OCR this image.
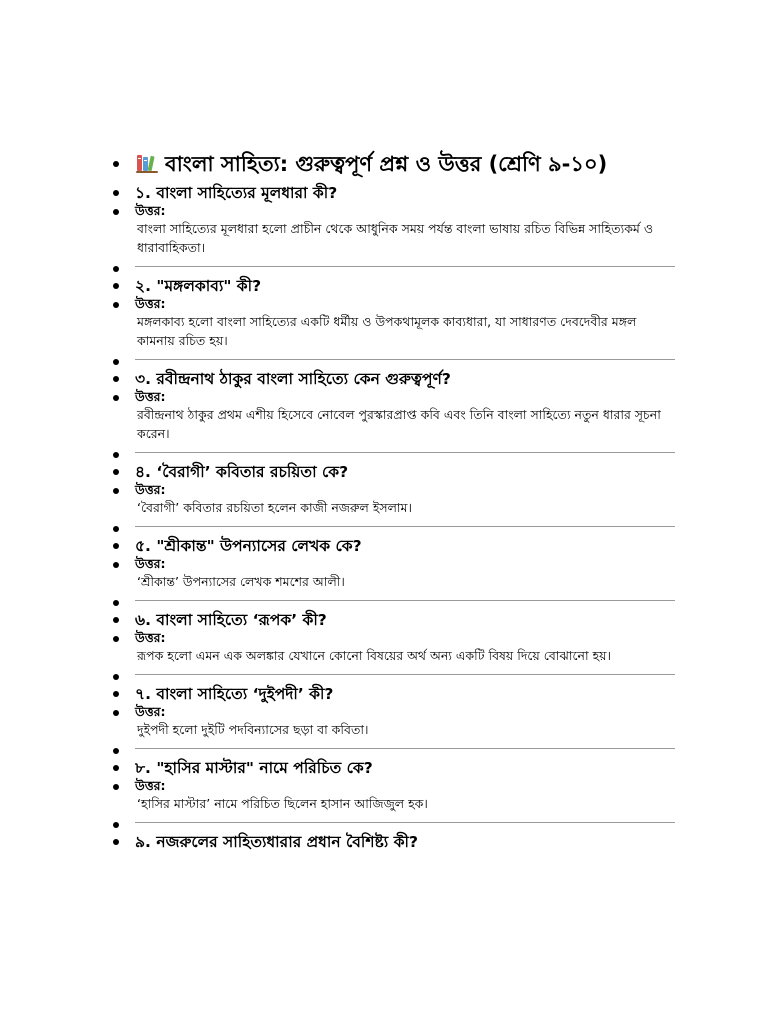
বাংলা সাহিত্য: গুরুত্বপূর্ণ প্রশ্ন ও উত্তর (শ্রেণি ৯-১০)
১. বাংলা সাহিত্যের মূলধারা কী?
উত্তর:
বাংলা সাহিত্যের মূলধারা হলো প্রাচীন থেকে আধুনিক সময় পর্যন্ত বাংলা ভাষায় রচিত বিভিন্ন সাহিত্যকর্ম ও ধারাবাহিকতা।
২. "মঙ্গলকাব্য" কী?
উত্তর:
মঙ্গলকাব্য হলো বাংলা সাহিত্যের একটি ধর্মীয় ও উপকথামূলক কাব্যধারা, যা সাধারণত দেবদেবীর মঙ্গল কামনায় রচিত হয়।
৩. রবীন্দ্রনাথ ঠাকুর বাংলা সাহিত্যে কেন গুরুত্বপূর্ণ?
উত্তর:
রবীন্দ্রনাথ ঠাকুর প্রথম এশীয় হিসেবে নোবেল পুরস্কারপ্রাপ্ত কবি এবং তিনি বাংলা সাহিত্যে নতুন ধারার সূচনা করেন।
৪. ‘বৈরাগী’ কবিতার রচয়িতা কে?
উত্তর:
‘বৈরাগী’ কবিতার রচয়িতা হলেন কাজী নজরুল ইসলাম।
৫. "শ্রীকান্ত" উপন্যাসের লেখক কে?
উত্তর:
‘শ্রীকান্ত’ উপন্যাসের লেখক শমশের আলী।
৬. বাংলা সাহিত্যে ‘রূপক’ কী?
উত্তর:
রূপক হলো এমন এক অলঙ্কার যেখানে কোনো বিষয়ের অর্থ অন্য একটি বিষয় দিয়ে বোঝানো হয়।
৭. বাংলা সাহিত্যে ‘দুইপদী’ কী?
উত্তর:
দুইপদী হলো দুইটি পদবিন্যাসের ছড়া বা কবিতা।
৮. "হাসির মাস্টার" নামে পরিচিত কে?
উত্তর:
‘হাসির মাস্টার’ নামে পরিচিত ছিলেন হাসান আজিজুল হক।
৯. নজরুলের সাহিত্যধারার প্রধান বৈশিষ্ট্য কী?
